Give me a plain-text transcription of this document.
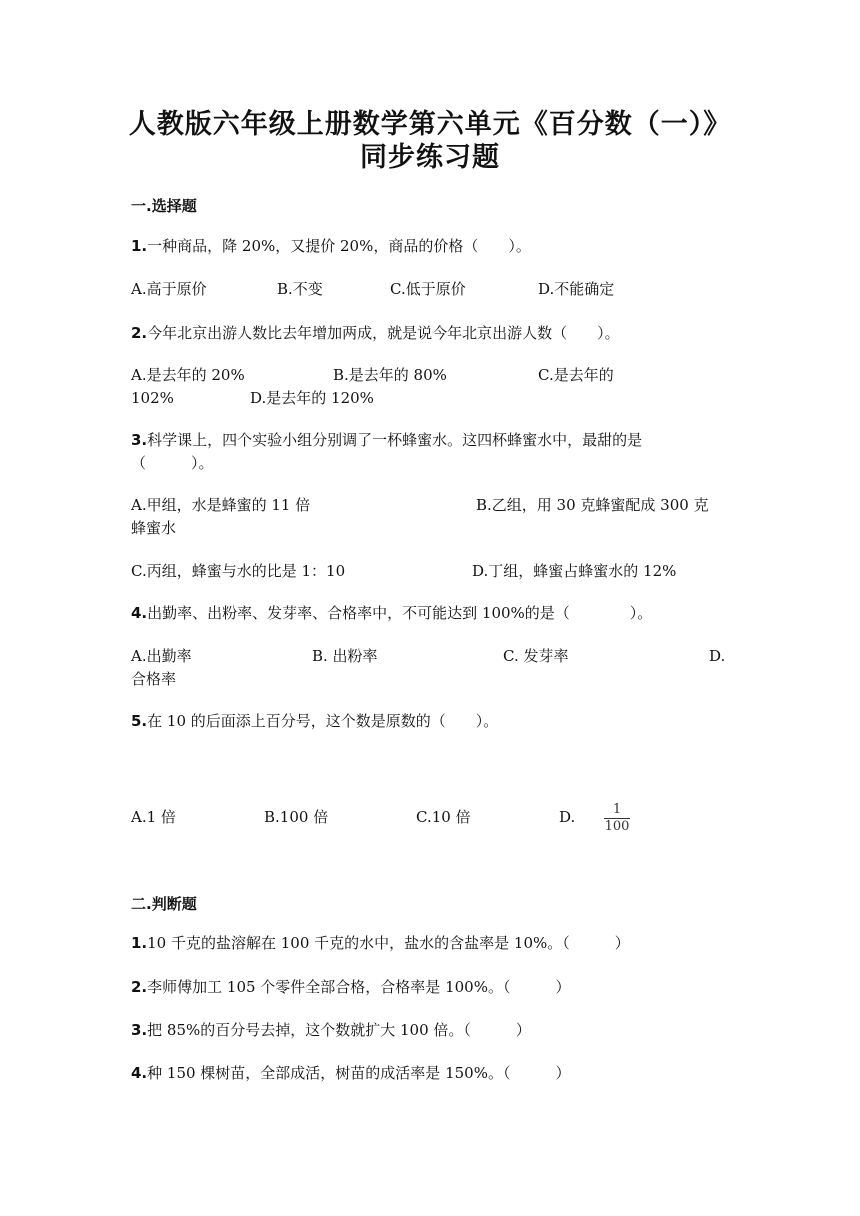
人教版六年级上册数学第六单元《百分数（一）》
同步练习题
一.选择题
1.一种商品，降 20%，又提价 20%，商品的价格（　　）。
A.高于原价	B.不变	C.低于原价	D.不能确定
2.今年北京出游人数比去年增加两成，就是说今年北京出游人数（　　）。
A.是去年的 20%	B.是去年的 80%	C.是去年的
102%	D.是去年的 120%
3.科学课上，四个实验小组分别调了一杯蜂蜜水。这四杯蜂蜜水中，最甜的是
（　　　）。
A.甲组，水是蜂蜜的 11 倍	B.乙组，用 30 克蜂蜜配成 300 克
蜂蜜水
C.丙组，蜂蜜与水的比是 1：10	D.丁组，蜂蜜占蜂蜜水的 12%
4.出勤率、出粉率、发芽率、合格率中，不可能达到 100%的是（　　　　）。
A.出勤率	B. 出粉率	C. 发芽率	D.
合格率
5.在 10 的后面添上百分号，这个数是原数的（　　）。
A.1 倍	B.100 倍	C.10 倍	D.	1
100
二.判断题
1.10 千克的盐溶解在 100 千克的水中，盐水的含盐率是 10%。（　　　）
2.李师傅加工 105 个零件全部合格，合格率是 100%。（　　　）
3.把 85%的百分号去掉，这个数就扩大 100 倍。（　　　）
4.种 150 棵树苗，全部成活，树苗的成活率是 150%。（　　　）
